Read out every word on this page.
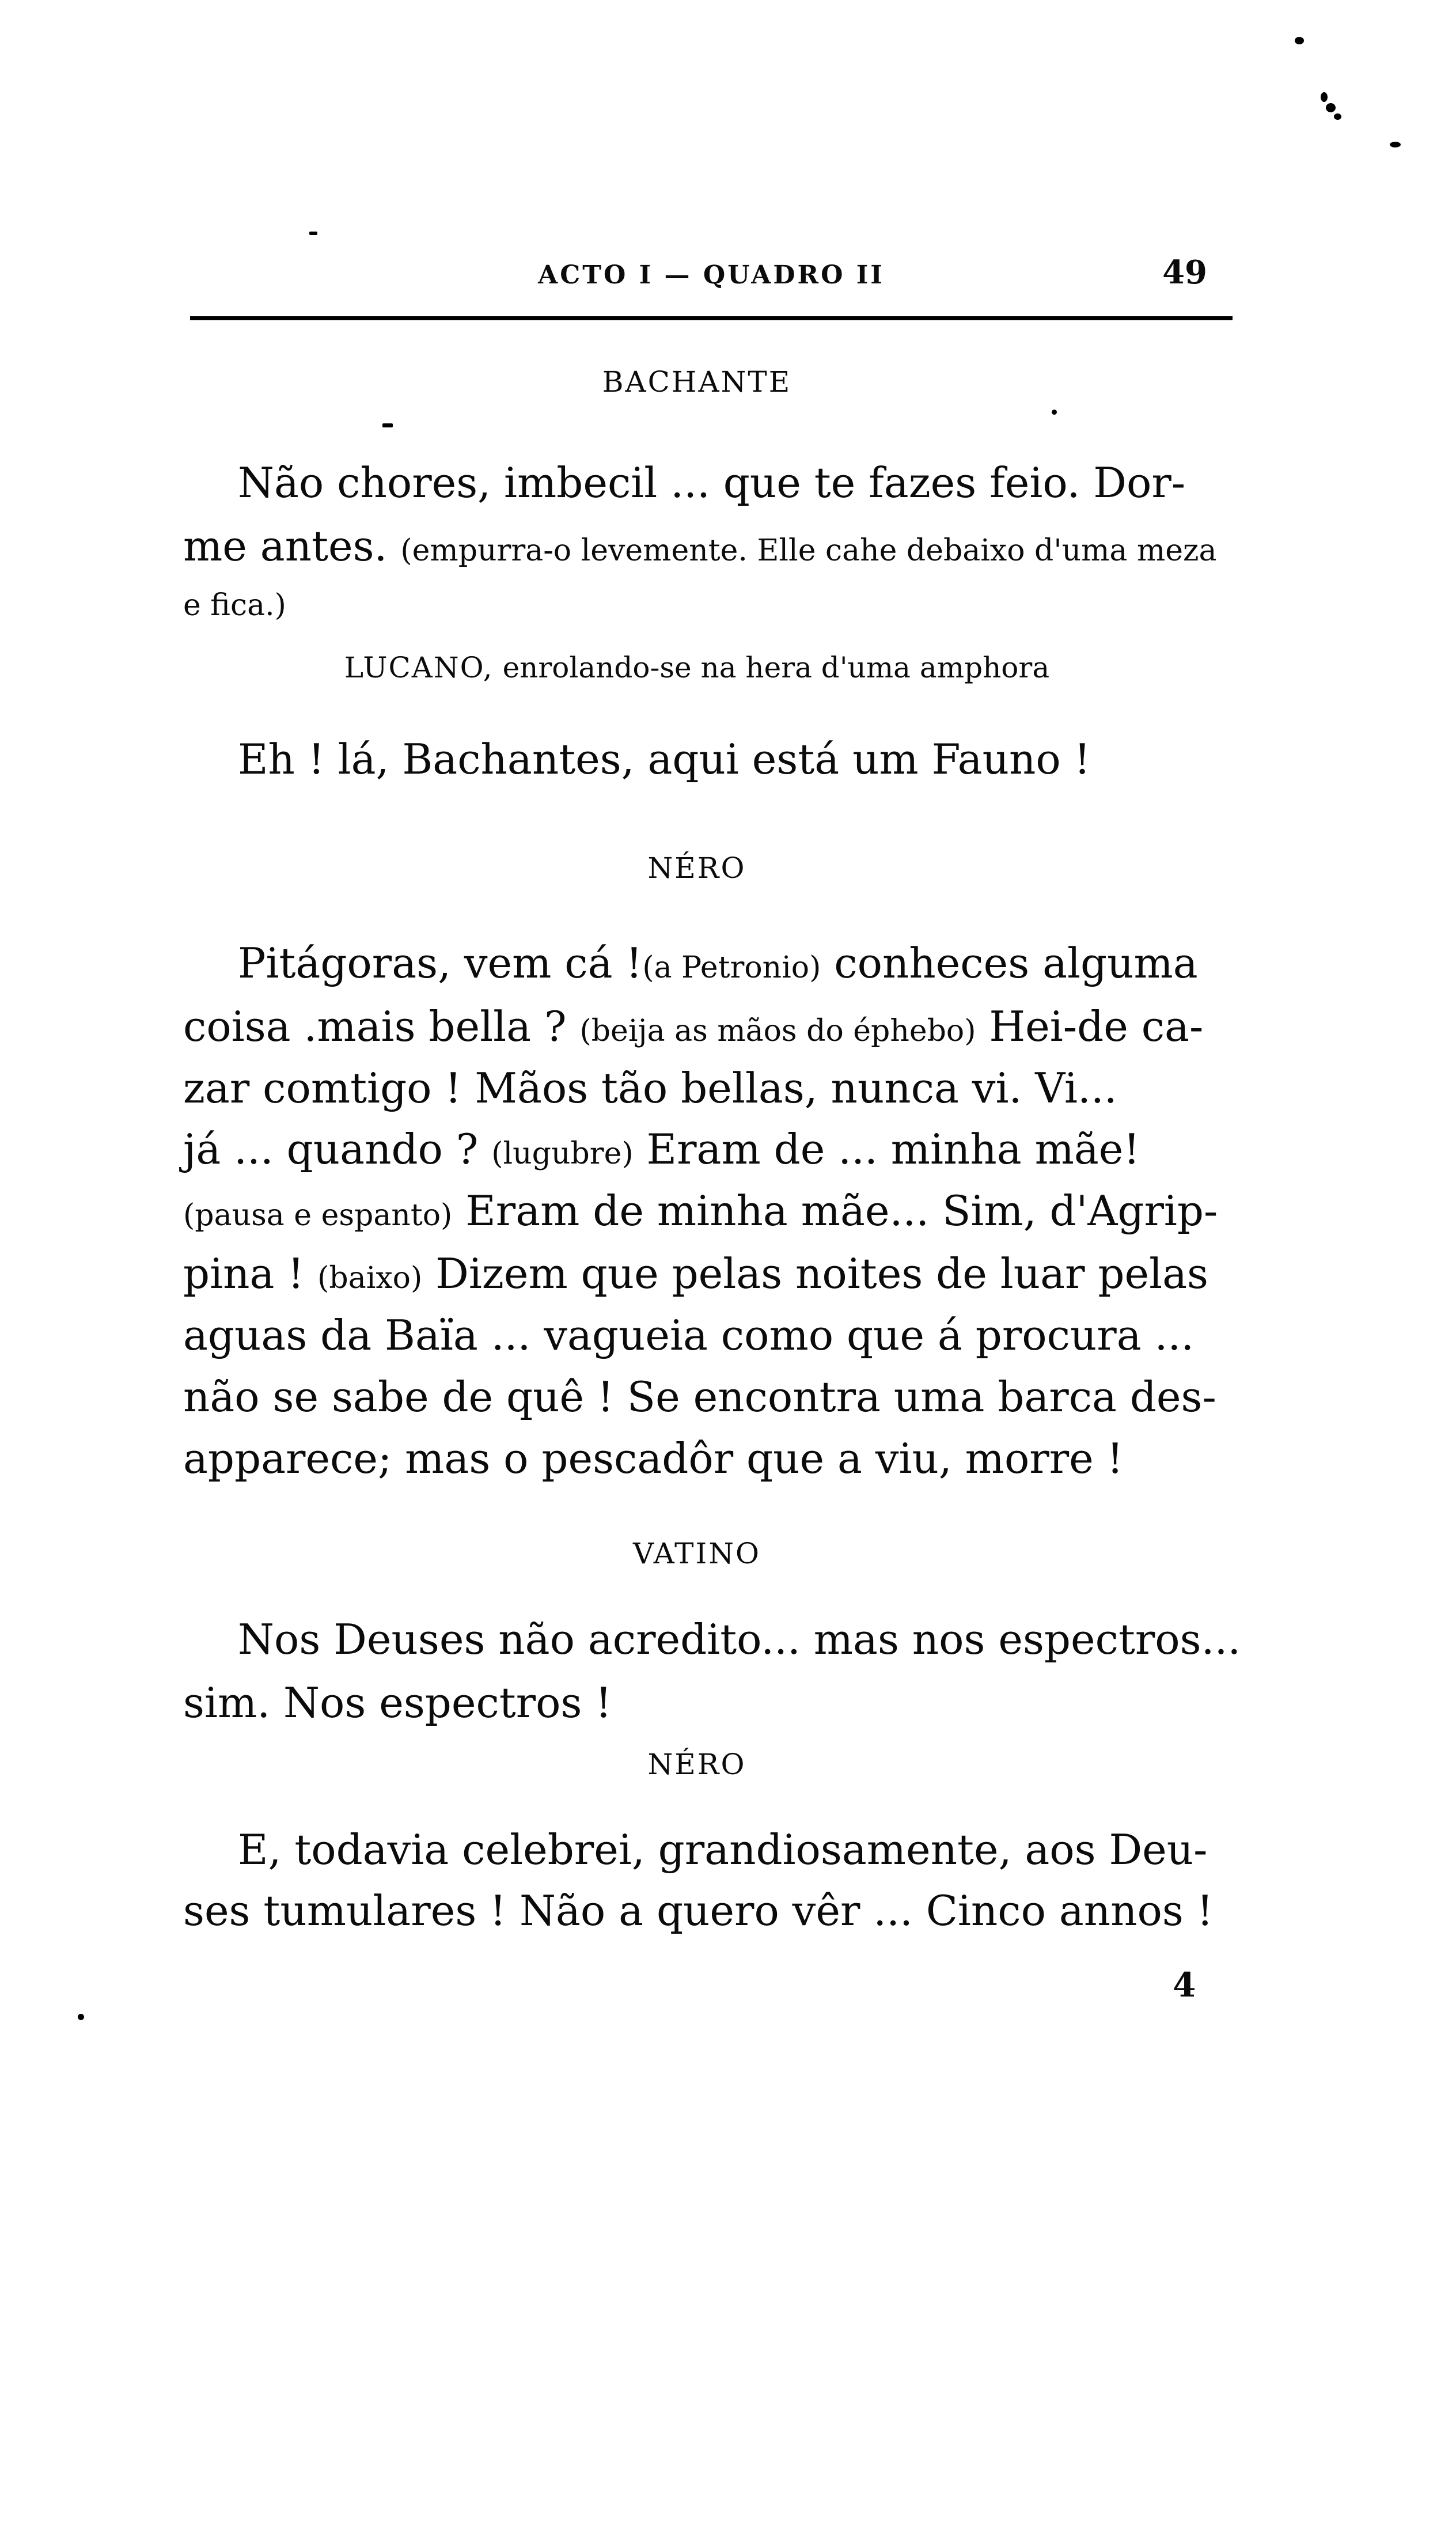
ACTO I — QUADRO II	49
BACHANTE
Não chores, imbecil ... que te fazes feio. Dor-
me antes. (empurra-o levemente. Elle cahe debaixo d'uma meza
e fica.)
LUCANO, enrolando-se na hera d'uma amphora
Eh ! lá, Bachantes, aqui está um Fauno !
NÉRO
Pitágoras, vem cá !(a Petronio) conheces alguma
coisa .mais bella ? (beija as mãos do éphebo) Hei-de ca-
zar comtigo ! Mãos tão bellas, nunca vi. Vi...
já ... quando ? (lugubre) Eram de ... minha mãe!
(pausa e espanto) Eram de minha mãe... Sim, d'Agrip-
pina ! (baixo) Dizem que pelas noites de luar pelas
aguas da Baïa ... vagueia como que á procura ...
não se sabe de quê ! Se encontra uma barca des-
apparece; mas o pescadôr que a viu, morre !
VATINO
Nos Deuses não acredito... mas nos espectros...
sim. Nos espectros !
NÉRO
E, todavia celebrei, grandiosamente, aos Deu-
ses tumulares ! Não a quero vêr ... Cinco annos !
4
